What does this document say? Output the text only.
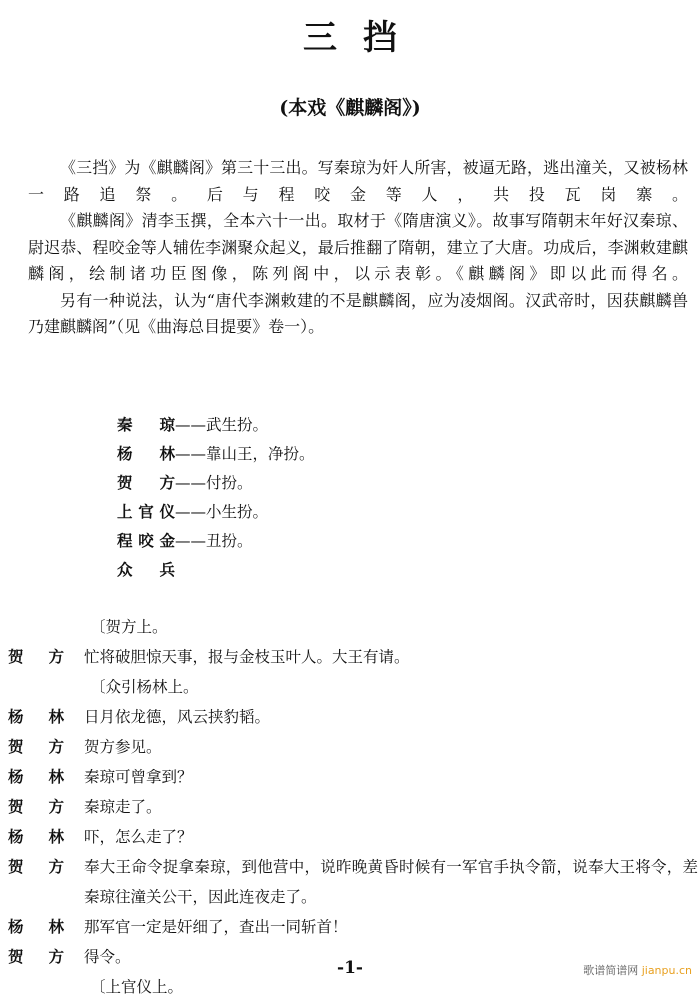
三挡
(本戏《麒麟阁》)

《三挡》为《麒麟阁》第三十三出。写秦琼为奸人所害，被逼无路，逃出潼关，又被杨林一路追祭。后与程咬金等人，共投瓦岗寨。

《麒麟阁》清李玉撰，全本六十一出。取材于《隋唐演义》。故事写隋朝末年好汉秦琼、尉迟恭、程咬金等人辅佐李渊聚众起义，最后推翻了隋朝，建立了大唐。功成后，李渊敕建麒麟阁，绘制诸功臣图像，陈列阁中，以示表彰。《麒麟阁》即以此而得名。

另有一种说法，认为“唐代李渊敕建的不是麒麟阁，应为凌烟阁。汉武帝时，因获麒麟兽乃建麒麟阁”（见《曲海总目提要》卷一）。

秦琼——武生扮。
杨林——靠山王，净扮。
贺方——付扮。
上官仪——小生扮。
程咬金——丑扮。
众兵
〔贺方上。
贺方 忙将破胆惊天事，报与金枝玉叶人。大王有请。
〔众引杨林上。
杨林 日月依龙德，风云挟豹韬。
贺方 贺方参见。
杨林 秦琼可曾拿到？
贺方 秦琼走了。
杨林 吓，怎么走了？
贺方 奉大王命令捉拿秦琼，到他营中，说昨晚黄昏时候有一军官手执令箭，说奉大王将令，差秦琼往潼关公干，因此连夜走了。
杨林 那军官一定是奸细了，查出一同斩首！
贺方 得令。
〔上官仪上。
-1-	歌谱简谱网 jianpu.cn
